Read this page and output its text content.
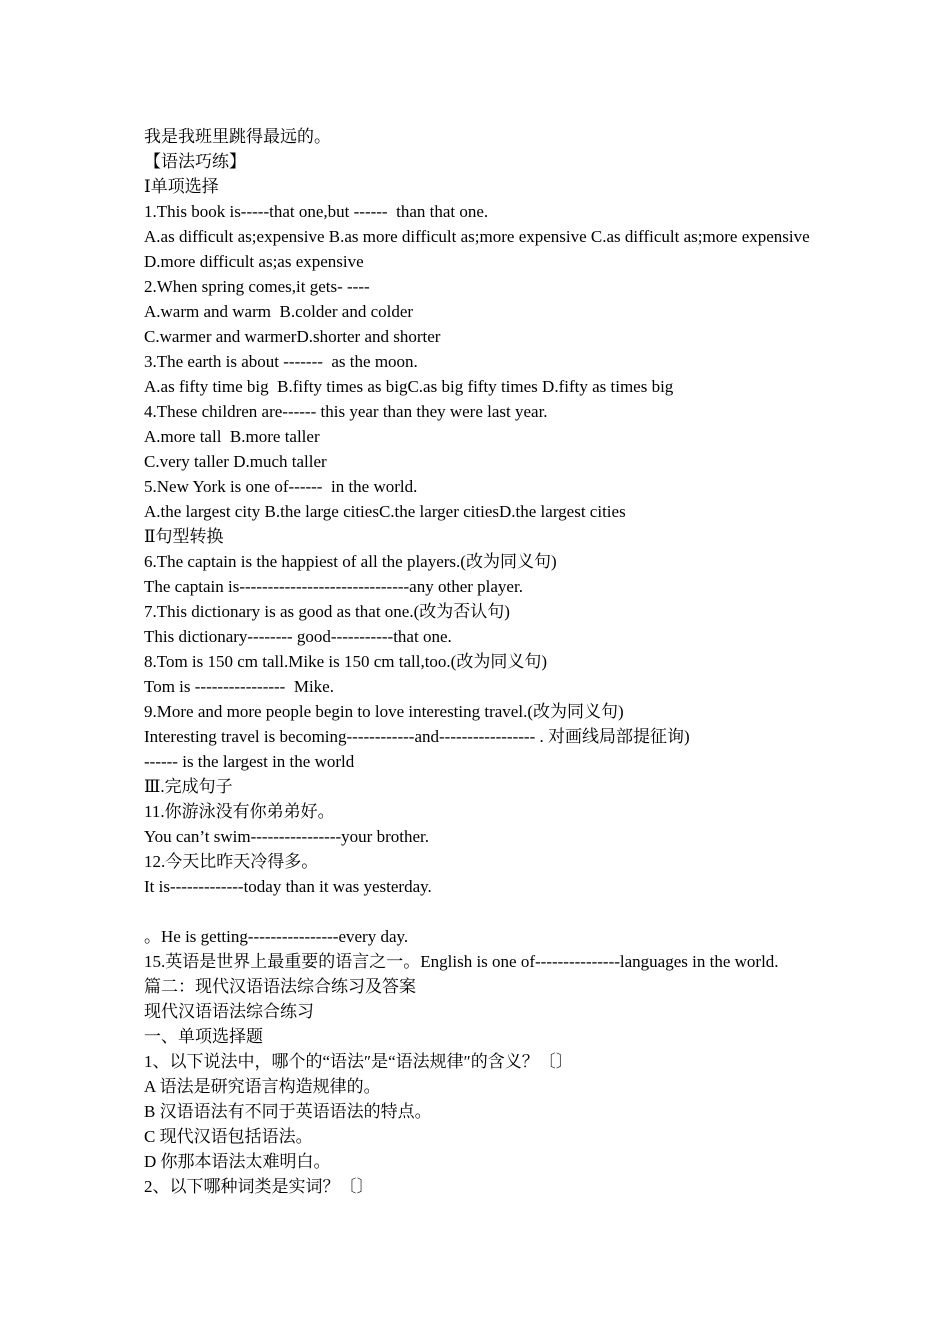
我是我班里跳得最远的。

【语法巧练】

Ⅰ单项选择

1.This book is-----that one,but ------  than that one.

A.as difficult as;expensive B.as more difficult as;more expensive C.as difficult as;more expensive  D.more difficult as;as expensive

2.When spring comes,it gets- ----

A.warm and warm  B.colder and colder

C.warmer and warmerD.shorter and shorter

3.The earth is about -------  as the moon.

A.as fifty time big  B.fifty times as bigC.as big fifty times D.fifty as times big

4.These children are------ this year than they were last year.

A.more tall  B.more taller

C.very taller D.much taller

5.New York is one of------  in the world.

A.the largest city B.the large citiesC.the larger citiesD.the largest cities

Ⅱ句型转换

6.The captain is the happiest of all the players.(改为同义句)

The captain is------------------------------any other player.

7.This dictionary is as good as that one.(改为否认句)

This dictionary-------- good-----------that one.

8.Tom is 150 cm tall.Mike is 150 cm tall,too.(改为同义句)

Tom is ----------------  Mike.

9.More and more people begin to love interesting travel.(改为同义句)

Interesting travel is becoming------------and----------------- . 对画线局部提征询)

------ is the largest in the world

Ⅲ.完成句子

11.你游泳没有你弟弟好。

You can’t swim----------------your brother.

12.今天比昨天冷得多。

It is-------------today than it was yesterday.

。He is getting----------------every day.

15.英语是世界上最重要的语言之一。English is one of---------------languages in the world.

篇二：现代汉语语法综合练习及答案

现代汉语语法综合练习

一、单项选择题

1、以下说法中，哪个的“语法″是“语法规律″的含义？〔〕

A 语法是研究语言构造规律的。

B 汉语语法有不同于英语语法的特点。

C 现代汉语包括语法。

D 你那本语法太难明白。

2、以下哪种词类是实词？〔〕
